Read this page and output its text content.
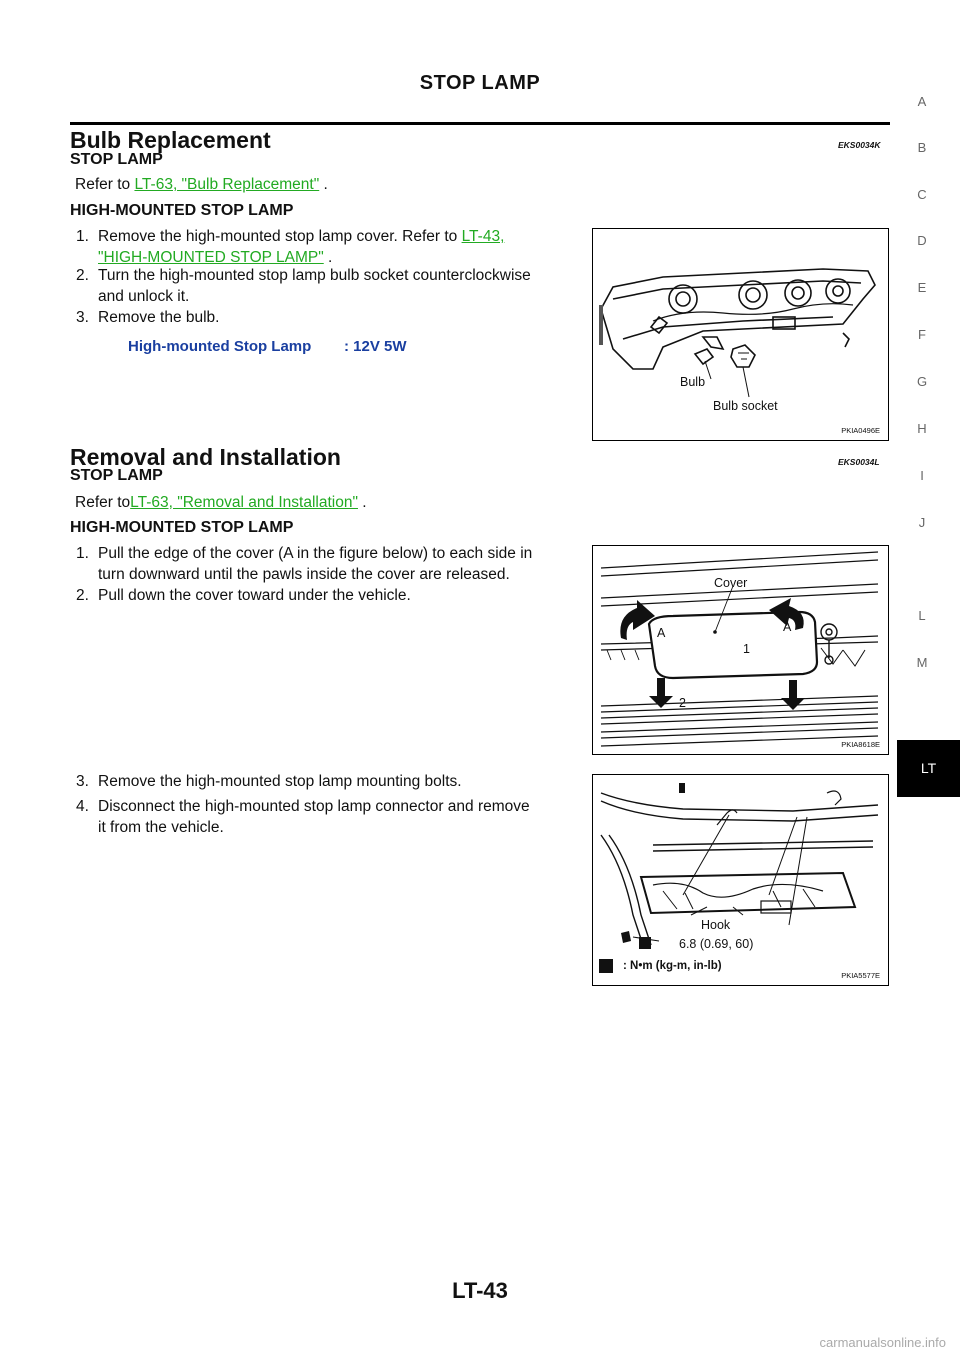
STOP LAMP
Bulb Replacement	EKS0034K
STOP LAMP
Refer to LT-63, "Bulb Replacement" .
HIGH-MOUNTED STOP LAMP
1. Remove the high-mounted stop lamp cover. Refer to LT-43,
"HIGH-MOUNTED STOP LAMP" .
2. Turn the high-mounted stop lamp bulb socket counterclockwise
and unlock it.
3. Remove the bulb.
High-mounted Stop Lamp : 12V 5W
Bulb
Bulb socket
PKIA0496E
Removal and Installation	EKS0034L
STOP LAMP
Refer toLT-63, "Removal and Installation" .
HIGH-MOUNTED STOP LAMP
1. Pull the edge of the cover (A in the figure below) to each side in
turn downward until the pawls inside the cover are released.
2. Pull down the cover toward under the vehicle.
Cover
A	A
1
2
PKIA8618E
3. Remove the high-mounted stop lamp mounting bolts.
4. Disconnect the high-mounted stop lamp connector and remove
it from the vehicle.
Hook
6.8 (0.69, 60)
: N•m (kg-m, in-lb)
PKIA5577E
A
B
C
D
E
F
G
H
I
J
L
M
LT
LT-43
carmanualsonline.info
